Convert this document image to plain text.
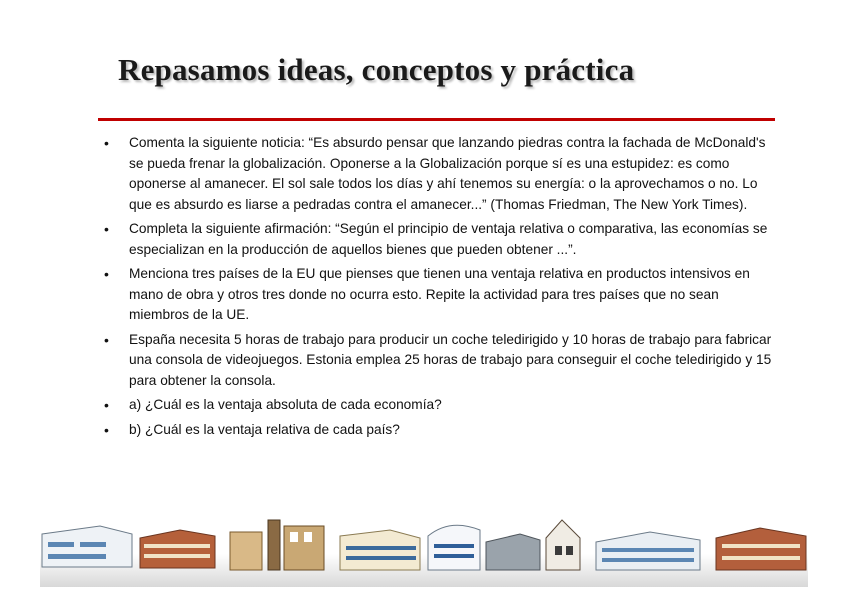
Repasamos ideas, conceptos y práctica
• Comenta la siguiente noticia: “Es absurdo pensar que lanzando piedras contra la fachada de McDonald's se pueda frenar la globalización. Oponerse a la Globalización porque sí es una estupidez: es como oponerse al amanecer. El sol sale todos los días y ahí tenemos su energía: o la aprovechamos o no. Lo que es absurdo es liarse a pedradas contra el amanecer...” (Thomas Friedman, The New York Times).
• Completa la siguiente afirmación: “Según el principio de ventaja relativa o comparativa, las economías se especializan en la producción de aquellos bienes que pueden obtener ...”.
• Menciona tres países de la EU que pienses que tienen una ventaja relativa en productos intensivos en mano de obra y otros tres donde no ocurra esto. Repite la actividad para tres países que no sean miembros de la UE.
• España necesita 5 horas de trabajo para producir un coche teledirigido y 10 horas de trabajo para fabricar una consola de videojuegos. Estonia emplea 25 horas de trabajo para conseguir el coche teledirigido y 15 para obtener la consola.
• a) ¿Cuál es la ventaja absoluta de cada economía?
• b) ¿Cuál es la ventaja relativa de cada país?
